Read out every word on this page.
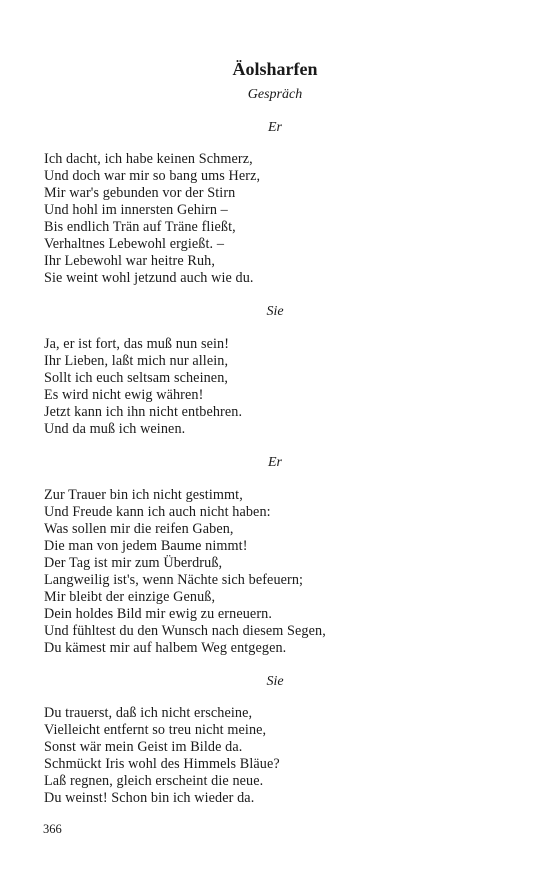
Äolsharfen
Gespräch
Er
Ich dacht, ich habe keinen Schmerz,
Und doch war mir so bang ums Herz,
Mir war's gebunden vor der Stirn
Und hohl im innersten Gehirn –
Bis endlich Trän auf Träne fließt,
Verhaltnes Lebewohl ergießt. –
Ihr Lebewohl war heitre Ruh,
Sie weint wohl jetzund auch wie du.
Sie
Ja, er ist fort, das muß nun sein!
Ihr Lieben, laßt mich nur allein,
Sollt ich euch seltsam scheinen,
Es wird nicht ewig währen!
Jetzt kann ich ihn nicht entbehren.
Und da muß ich weinen.
Er
Zur Trauer bin ich nicht gestimmt,
Und Freude kann ich auch nicht haben:
Was sollen mir die reifen Gaben,
Die man von jedem Baume nimmt!
Der Tag ist mir zum Überdruß,
Langweilig ist's, wenn Nächte sich befeuern;
Mir bleibt der einzige Genuß,
Dein holdes Bild mir ewig zu erneuern.
Und fühltest du den Wunsch nach diesem Segen,
Du kämest mir auf halbem Weg entgegen.
Sie
Du trauerst, daß ich nicht erscheine,
Vielleicht entfernt so treu nicht meine,
Sonst wär mein Geist im Bilde da.
Schmückt Iris wohl des Himmels Bläue?
Laß regnen, gleich erscheint die neue.
Du weinst! Schon bin ich wieder da.
366
